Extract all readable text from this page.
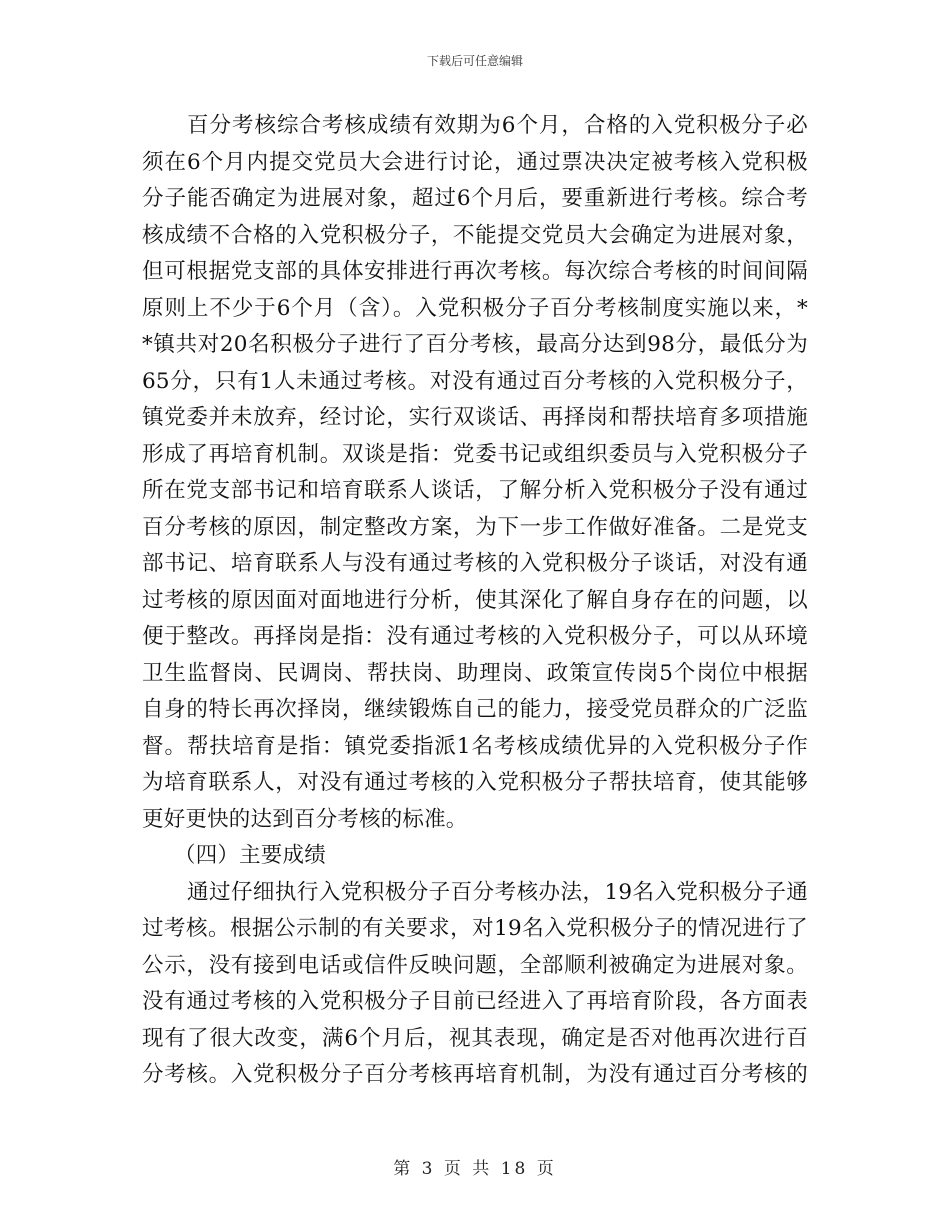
下载后可任意编辑
百分考核综合考核成绩有效期为6个月，合格的入党积极分子必
须在6个月内提交党员大会进行讨论，通过票决决定被考核入党积极
分子能否确定为进展对象，超过6个月后，要重新进行考核。综合考
核成绩不合格的入党积极分子，不能提交党员大会确定为进展对象，
但可根据党支部的具体安排进行再次考核。每次综合考核的时间间隔
原则上不少于6个月（含）。入党积极分子百分考核制度实施以来，*
*镇共对20名积极分子进行了百分考核，最高分达到98分，最低分为
65分，只有1人未通过考核。对没有通过百分考核的入党积极分子，
镇党委并未放弃，经讨论，实行双谈话、再择岗和帮扶培育多项措施
形成了再培育机制。双谈是指：党委书记或组织委员与入党积极分子
所在党支部书记和培育联系人谈话，了解分析入党积极分子没有通过
百分考核的原因，制定整改方案，为下一步工作做好准备。二是党支
部书记、培育联系人与没有通过考核的入党积极分子谈话，对没有通
过考核的原因面对面地进行分析，使其深化了解自身存在的问题，以
便于整改。再择岗是指：没有通过考核的入党积极分子，可以从环境
卫生监督岗、民调岗、帮扶岗、助理岗、政策宣传岗5个岗位中根据
自身的特长再次择岗，继续锻炼自己的能力，接受党员群众的广泛监
督。帮扶培育是指：镇党委指派1名考核成绩优异的入党积极分子作
为培育联系人，对没有通过考核的入党积极分子帮扶培育，使其能够
更好更快的达到百分考核的标准。
（四）主要成绩
通过仔细执行入党积极分子百分考核办法，19名入党积极分子通
过考核。根据公示制的有关要求，对19名入党积极分子的情况进行了
公示，没有接到电话或信件反映问题，全部顺利被确定为进展对象。
没有通过考核的入党积极分子目前已经进入了再培育阶段，各方面表
现有了很大改变，满6个月后，视其表现，确定是否对他再次进行百
分考核。入党积极分子百分考核再培育机制，为没有通过百分考核的
第 3 页 共 18 页
